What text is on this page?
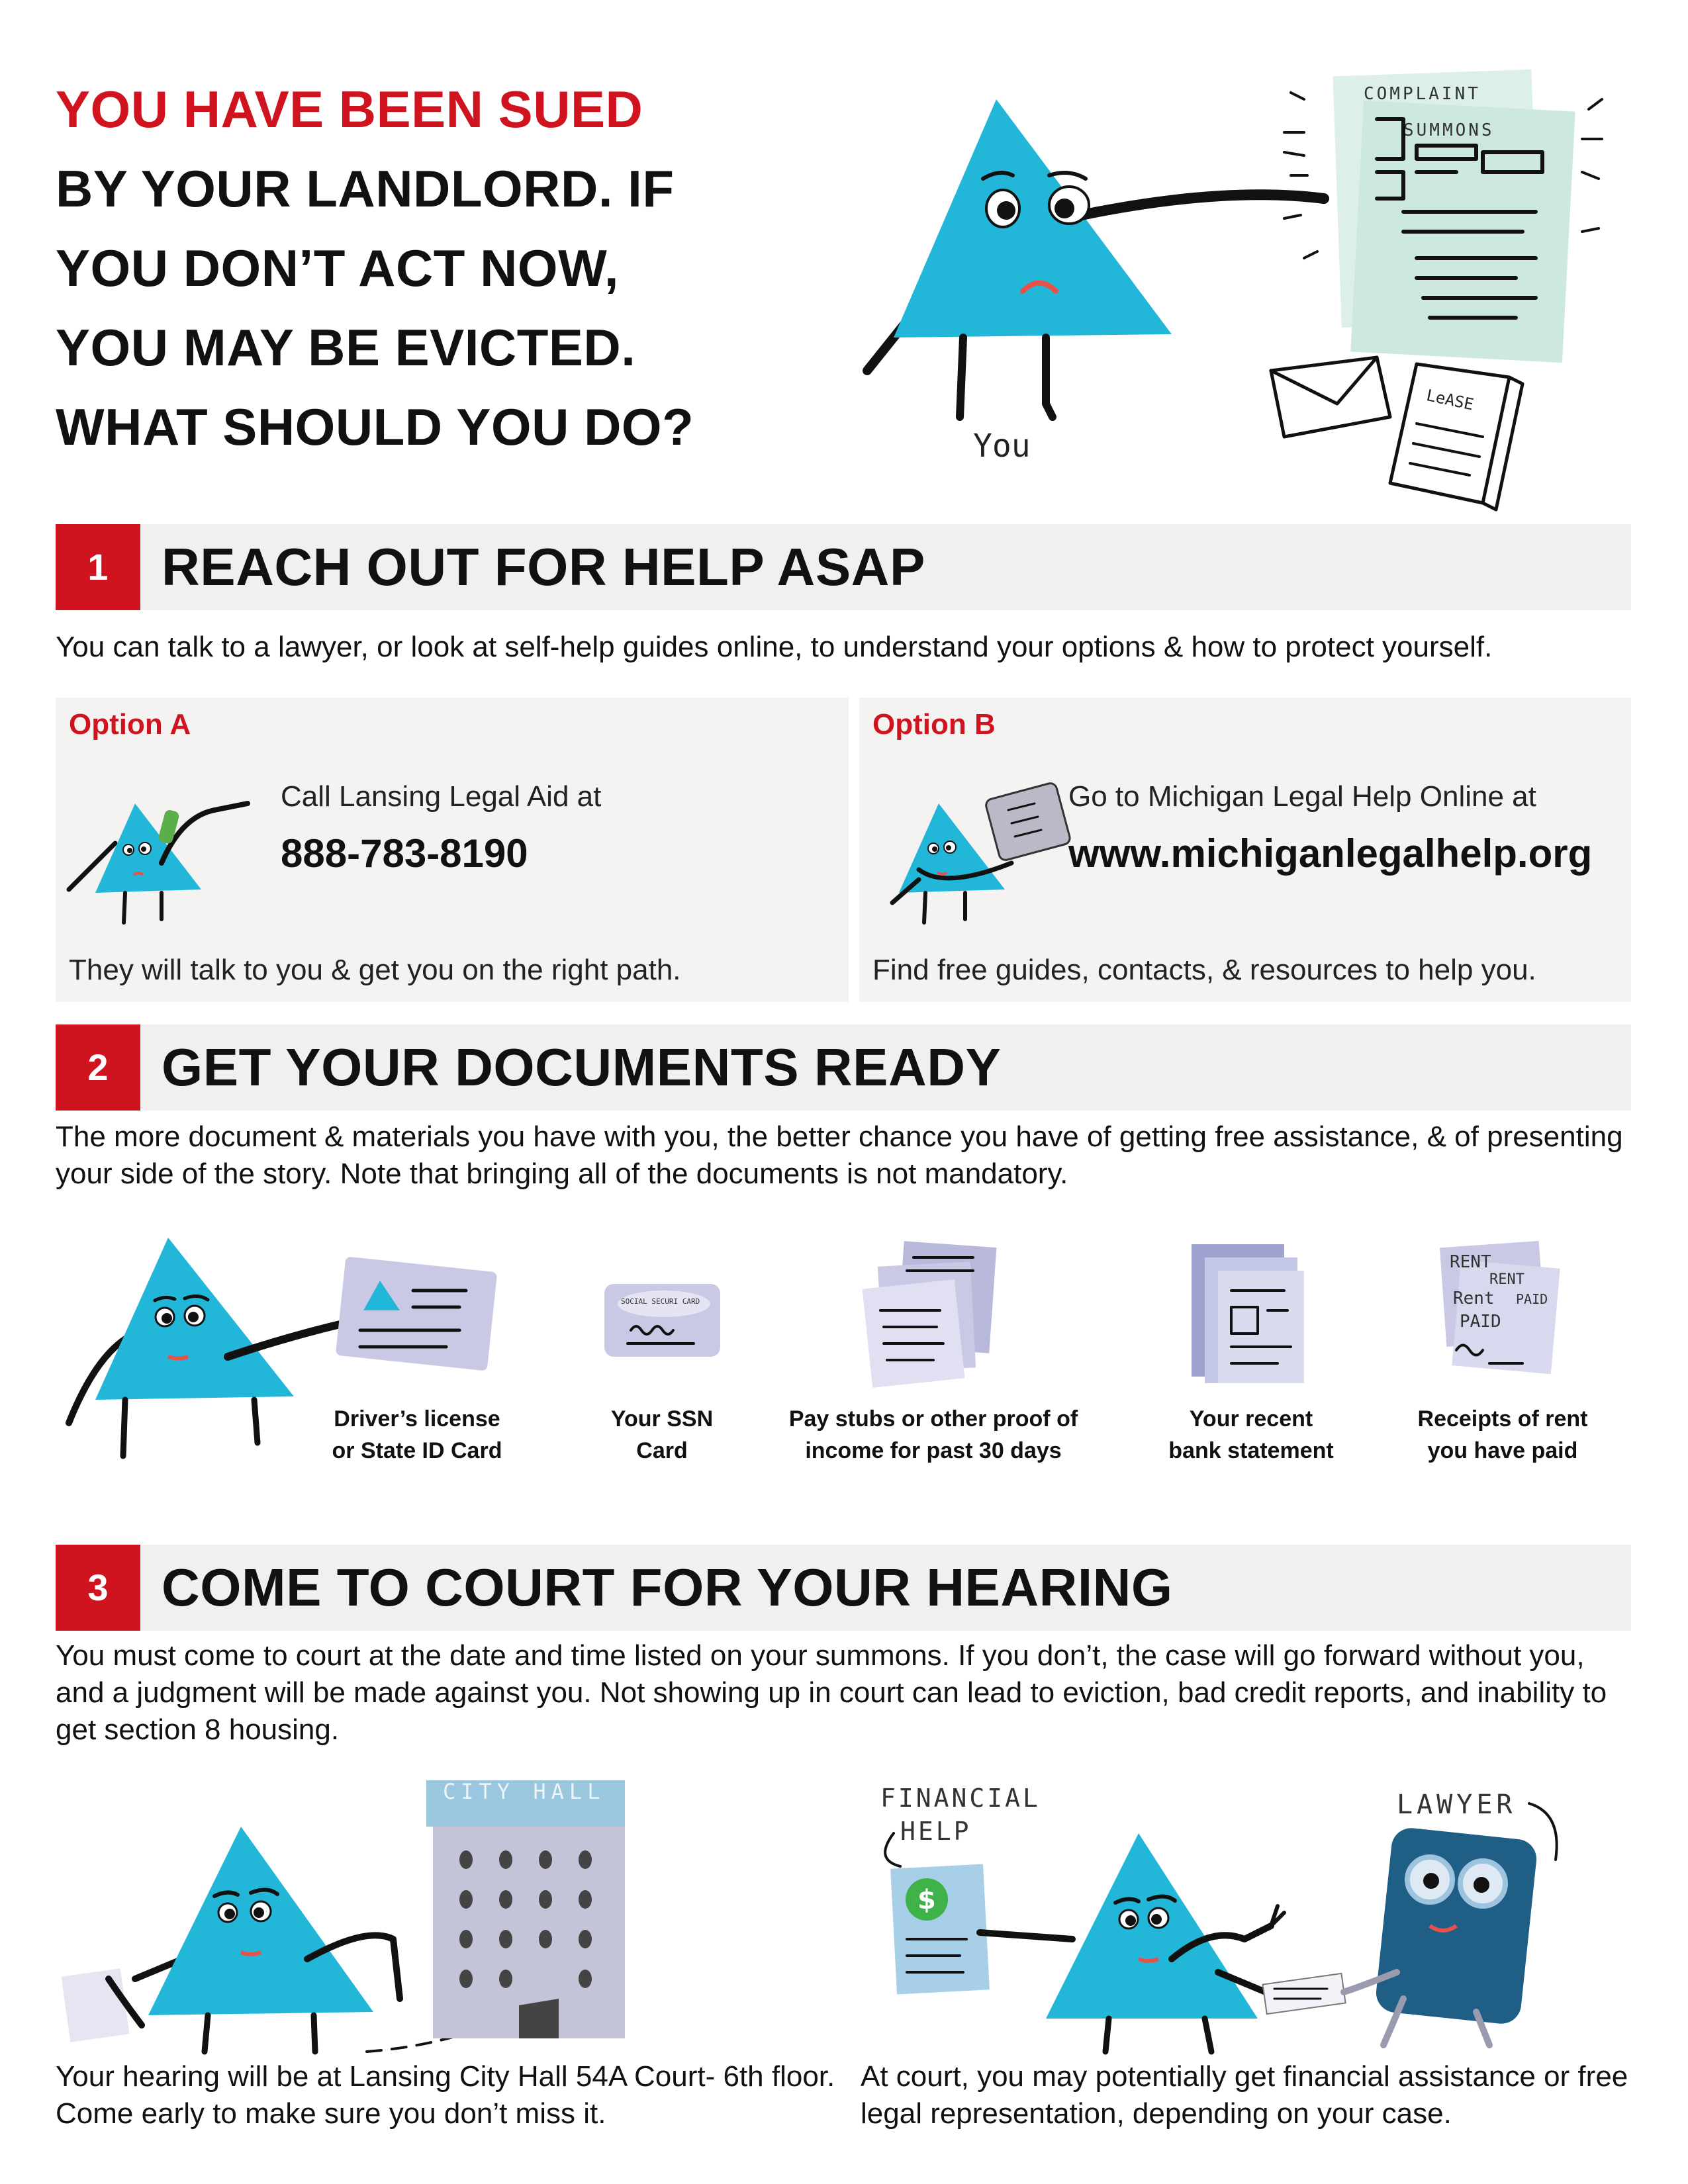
YOU HAVE BEEN SUED
BY YOUR LANDLORD. IF
YOU DON’T ACT NOW,
YOU MAY BE EVICTED.
WHAT SHOULD YOU DO?
COMPLAINT
SUMMONS
LeASE
You
1	REACH OUT FOR HELP ASAP
You can talk to a lawyer, or look at self-help guides online, to understand your options & how to protect yourself.
Option A
Call Lansing Legal Aid at
888-783-8190
They will talk to you & get you on the right path.
Option B
Go to Michigan Legal Help Online at
www.michiganlegalhelp.org
Find free guides, contacts, & resources to help you.
2	GET YOUR DOCUMENTS READY
The more document & materials you have with you, the better chance you have of getting free assistance, & of presenting your side of the story. Note that bringing all of the documents is not mandatory.
SOCIAL SECURI CARD
RENT
RENT
Rent
PAID
PAID
Driver’s license
or State ID Card
Your SSN
Card
Pay stubs or other proof of
income for past 30 days
Your recent
bank statement
Receipts of rent
you have paid
3	COME TO COURT FOR YOUR HEARING
You must come to court at the date and time listed on your summons. If you don’t, the case will go forward without you, and a judgment will be made against you. Not showing up in court can lead to eviction, bad credit reports, and inability to get section 8 housing.
CITY HALL	FINANCIAL
HELP
$
LAWYER
Your hearing will be at Lansing City Hall 54A Court- 6th floor. Come early to make sure you don’t miss it.
At court, you may potentially get financial assistance or free legal representation, depending on your case.
